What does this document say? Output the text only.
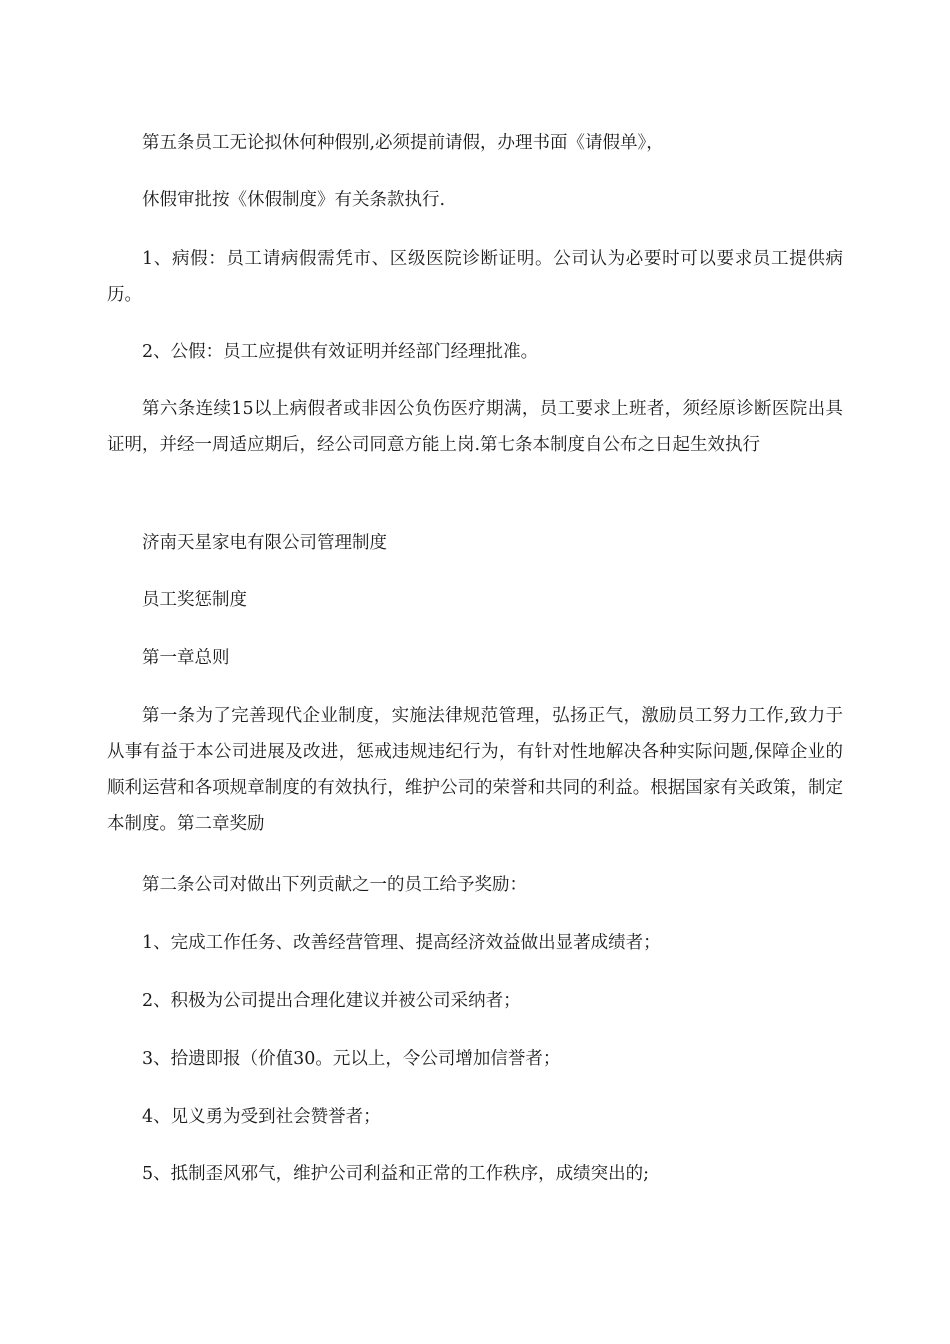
第五条员工无论拟休何种假别,必须提前请假，办理书面《请假单》，

休假审批按《休假制度》有关条款执行.

1、病假：员工请病假需凭市、区级医院诊断证明。公司认为必要时可以要求员工提供病历。

2、公假：员工应提供有效证明并经部门经理批准。

第六条连续15以上病假者或非因公负伤医疗期满，员工要求上班者，须经原诊断医院出具证明，并经一周适应期后，经公司同意方能上岗.第七条本制度自公布之日起生效执行

济南天星家电有限公司管理制度

员工奖惩制度

第一章总则

第一条为了完善现代企业制度，实施法律规范管理，弘扬正气，激励员工努力工作,致力于从事有益于本公司进展及改进，惩戒违规违纪行为，有针对性地解决各种实际问题,保障企业的顺利运营和各项规章制度的有效执行，维护公司的荣誉和共同的利益。根据国家有关政策，制定本制度。第二章奖励

第二条公司对做出下列贡献之一的员工给予奖励：

1、完成工作任务、改善经营管理、提高经济效益做出显著成绩者；

2、积极为公司提出合理化建议并被公司采纳者；

3、拾遗即报（价值30。元以上，令公司增加信誉者；

4、见义勇为受到社会赞誉者；

5、抵制歪风邪气，维护公司利益和正常的工作秩序，成绩突出的;
